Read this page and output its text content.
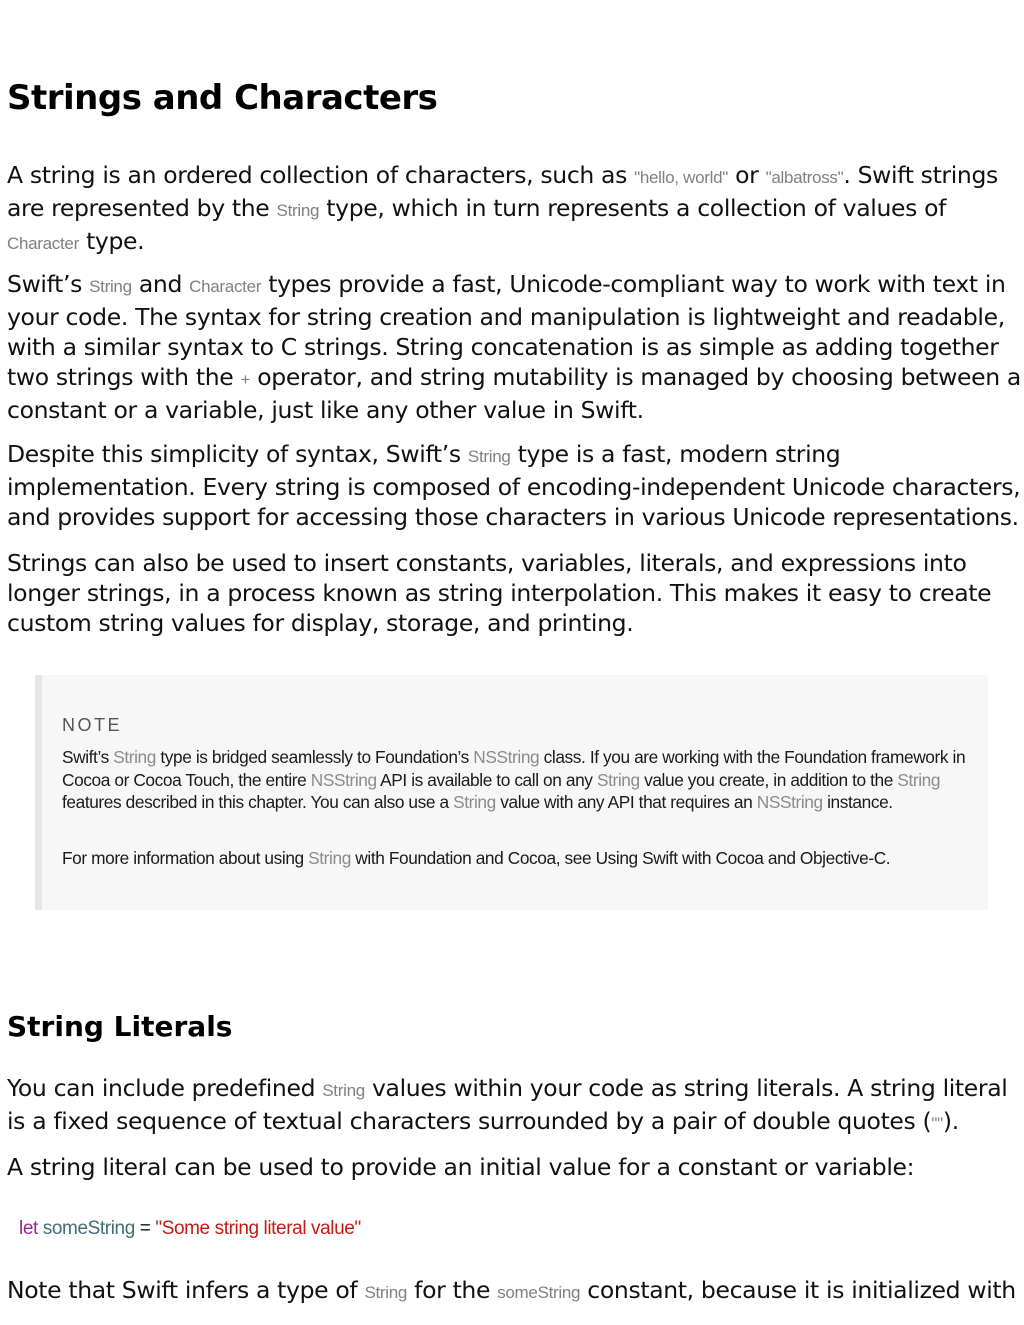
Strings and Characters

A string is an ordered collection of characters, such as "hello, world" or "albatross". Swift strings are represented by the String type, which in turn represents a collection of values of Character type.

Swift’s String and Character types provide a fast, Unicode-compliant way to work with text in your code. The syntax for string creation and manipulation is lightweight and readable, with a similar syntax to C strings. String concatenation is as simple as adding together two strings with the + operator, and string mutability is managed by choosing between a constant or a variable, just like any other value in Swift.

Despite this simplicity of syntax, Swift’s String type is a fast, modern string implementation. Every string is composed of encoding-independent Unicode characters, and provides support for accessing those characters in various Unicode representations.

Strings can also be used to insert constants, variables, literals, and expressions into longer strings, in a process known as string interpolation. This makes it easy to create custom string values for display, storage, and printing.

NOTE

Swift’s String type is bridged seamlessly to Foundation’s NSString class. If you are working with the Foundation framework in Cocoa or Cocoa Touch, the entire NSString API is available to call on any String value you create, in addition to the String features described in this chapter. You can also use a String value with any API that requires an NSString instance.

For more information about using String with Foundation and Cocoa, see Using Swift with Cocoa and Objective-C.

String Literals

You can include predefined String values within your code as string literals. A string literal is a fixed sequence of textual characters surrounded by a pair of double quotes ("").

A string literal can be used to provide an initial value for a constant or variable:

let someString = "Some string literal value"

Note that Swift infers a type of String for the someString constant, because it is initialized with
